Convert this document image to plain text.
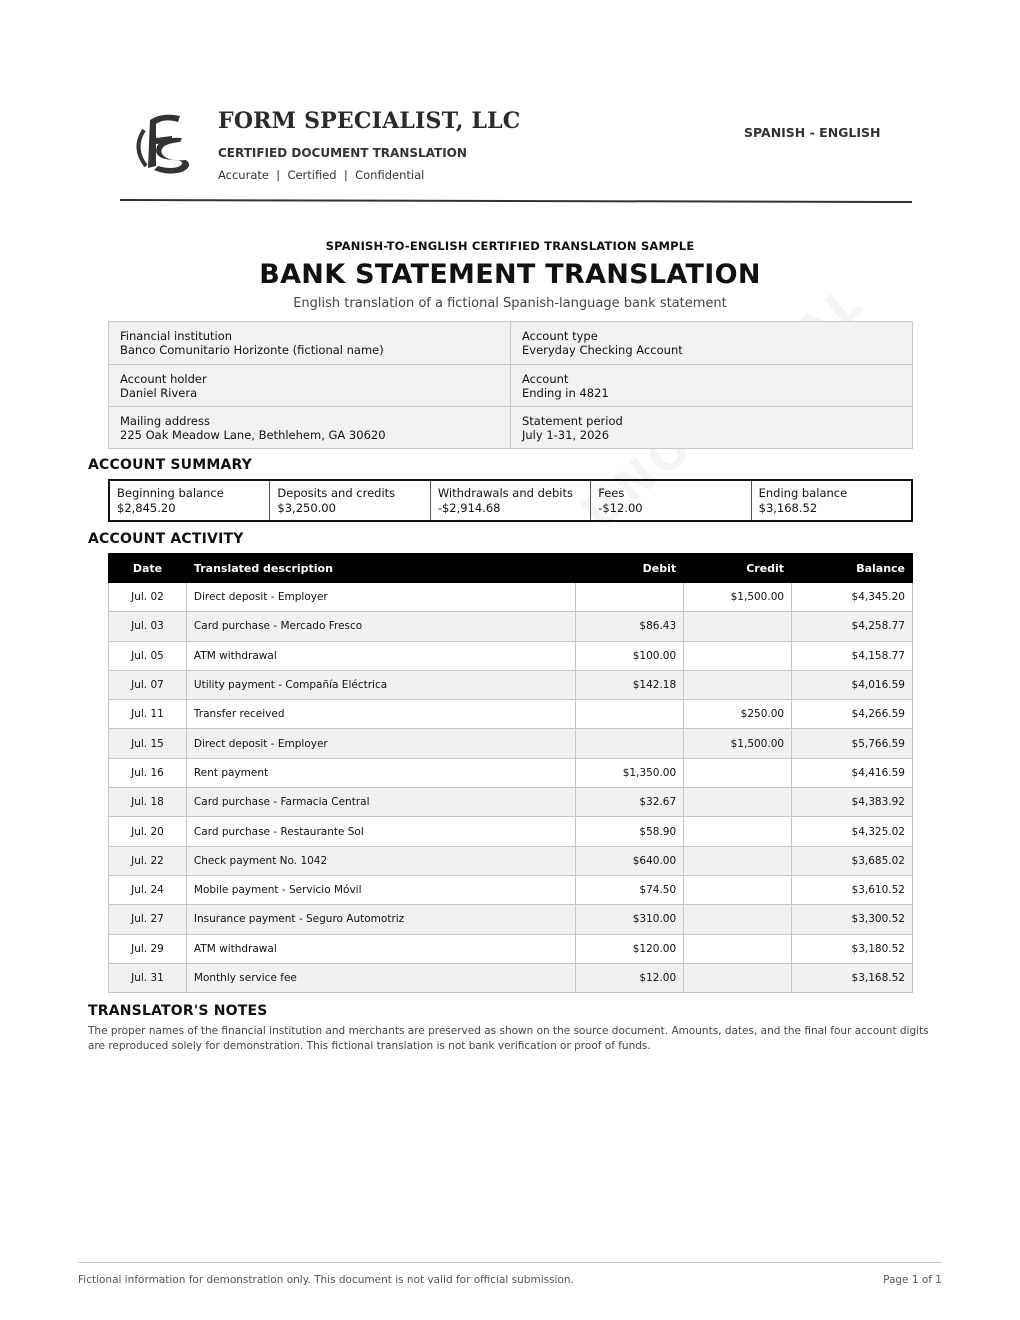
FORM SPECIALIST, LLC
CERTIFIED DOCUMENT TRANSLATION
Accurate  |  Certified  |  Confidential
SPANISH - ENGLISH
SPANISH-TO-ENGLISH CERTIFIED TRANSLATION SAMPLE
BANK STATEMENT TRANSLATION
English translation of a fictional Spanish-language bank statement
Financial institution
Banco Comunitario Horizonte (fictional name)
Account type
Everyday Checking Account
Account holder
Daniel Rivera
Account
Ending in 4821
Mailing address
225 Oak Meadow Lane, Bethlehem, GA 30620
Statement period
July 1-31, 2026
ACCOUNT SUMMARY
Beginning balance
$2,845.20
Deposits and credits
$3,250.00
Withdrawals and debits
-$2,914.68
Fees
-$12.00
Ending balance
$3,168.52
ACCOUNT ACTIVITY
Date	Translated description	Debit	Credit	Balance
Jul. 02	Direct deposit - Employer		$1,500.00	$4,345.20
Jul. 03	Card purchase - Mercado Fresco	$86.43		$4,258.77
Jul. 05	ATM withdrawal	$100.00		$4,158.77
Jul. 07	Utility payment - Compañía Eléctrica	$142.18		$4,016.59
Jul. 11	Transfer received		$250.00	$4,266.59
Jul. 15	Direct deposit - Employer		$1,500.00	$5,766.59
Jul. 16	Rent payment	$1,350.00		$4,416.59
Jul. 18	Card purchase - Farmacia Central	$32.67		$4,383.92
Jul. 20	Card purchase - Restaurante Sol	$58.90		$4,325.02
Jul. 22	Check payment No. 1042	$640.00		$3,685.02
Jul. 24	Mobile payment - Servicio Móvil	$74.50		$3,610.52
Jul. 27	Insurance payment - Seguro Automotriz	$310.00		$3,300.52
Jul. 29	ATM withdrawal	$120.00		$3,180.52
Jul. 31	Monthly service fee	$12.00		$3,168.52
TRANSLATOR'S NOTES
The proper names of the financial institution and merchants are preserved as shown on the source document. Amounts, dates, and the final four account digits are reproduced solely for demonstration. This fictional translation is not bank verification or proof of funds.
Fictional information for demonstration only. This document is not valid for official submission.	Page 1 of 1
